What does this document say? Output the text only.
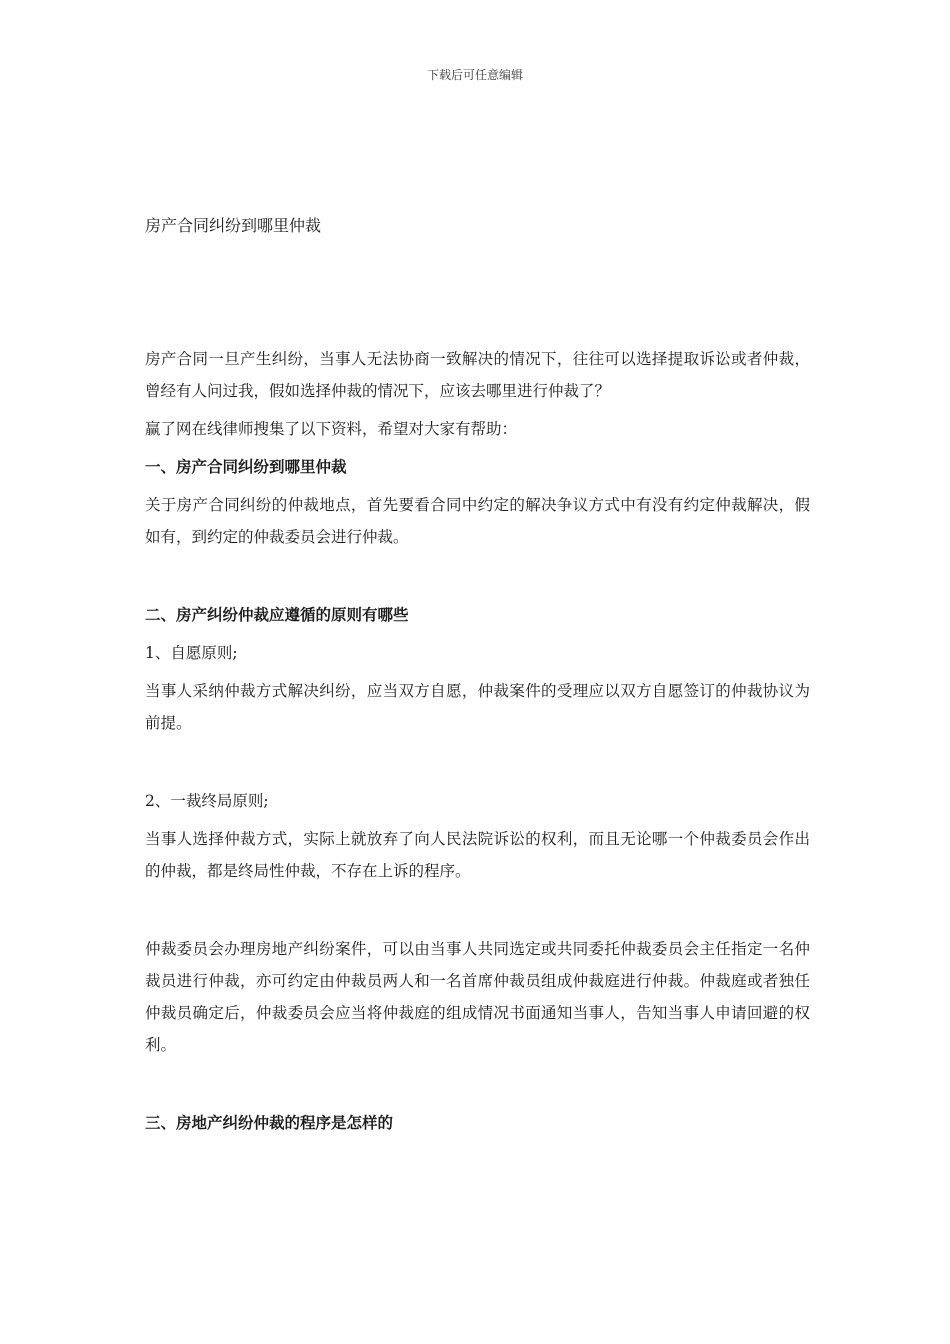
下载后可任意编辑

房产合同纠纷到哪里仲裁

房产合同一旦产生纠纷，当事人无法协商一致解决的情况下，往往可以选择提取诉讼或者仲裁，曾经有人问过我，假如选择仲裁的情况下，应该去哪里进行仲裁了？

赢了网在线律师搜集了以下资料，希望对大家有帮助：

一、房产合同纠纷到哪里仲裁

关于房产合同纠纷的仲裁地点，首先要看合同中约定的解决争议方式中有没有约定仲裁解决，假如有，到约定的仲裁委员会进行仲裁。

二、房产纠纷仲裁应遵循的原则有哪些

1、自愿原则;

当事人采纳仲裁方式解决纠纷，应当双方自愿，仲裁案件的受理应以双方自愿签订的仲裁协议为前提。

2、一裁终局原则;

当事人选择仲裁方式，实际上就放弃了向人民法院诉讼的权利，而且无论哪一个仲裁委员会作出的仲裁，都是终局性仲裁，不存在上诉的程序。

仲裁委员会办理房地产纠纷案件，可以由当事人共同选定或共同委托仲裁委员会主任指定一名仲裁员进行仲裁，亦可约定由仲裁员两人和一名首席仲裁员组成仲裁庭进行仲裁。仲裁庭或者独任仲裁员确定后，仲裁委员会应当将仲裁庭的组成情况书面通知当事人，告知当事人申请回避的权利。

三、房地产纠纷仲裁的程序是怎样的
